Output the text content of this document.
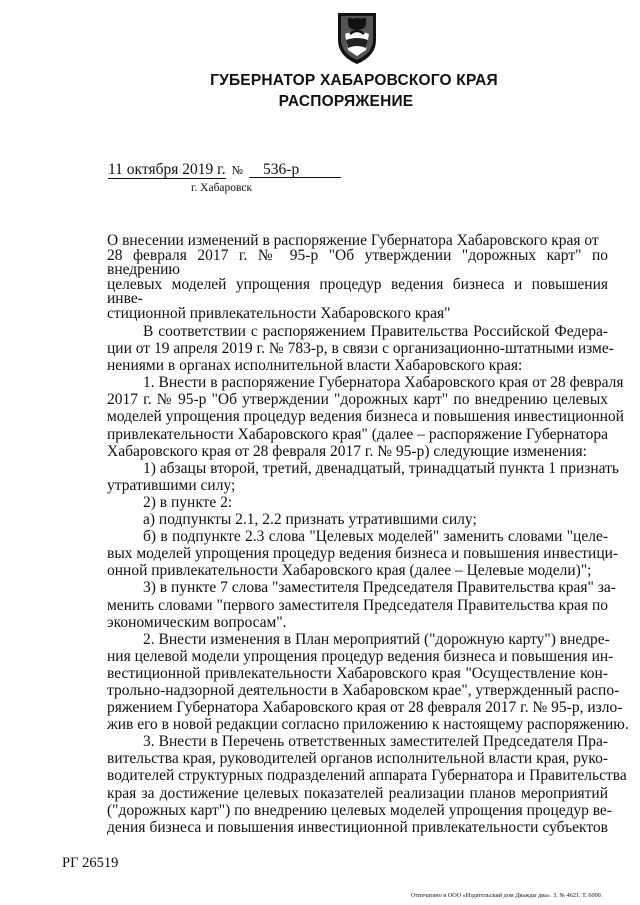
ГУБЕРНАТОР ХАБАРОВСКОГО КРАЯ
РАСПОРЯЖЕНИЕ
11 октября 2019 г. № 536-р
г. Хабаровск
О внесении изменений в распоряжение Губернатора Хабаровского края от
28 февраля 2017 г. № 95-р "Об утверждении "дорожных карт" по внедрению
целевых моделей упрощения процедур ведения бизнеса и повышения инве-
стиционной привлекательности Хабаровского края"
В соответствии с распоряжением Правительства Российской Федера-
ции от 19 апреля 2019 г. № 783-р, в связи с организационно-штатными изме-
нениями в органах исполнительной власти Хабаровского края:
1. Внести в распоряжение Губернатора Хабаровского края от 28 февраля
2017 г. № 95-р "Об утверждении "дорожных карт" по внедрению целевых
моделей упрощения процедур ведения бизнеса и повышения инвестиционной
привлекательности Хабаровского края" (далее – распоряжение Губернатора
Хабаровского края от 28 февраля 2017 г. № 95-р) следующие изменения:
1) абзацы второй, третий, двенадцатый, тринадцатый пункта 1 признать
утратившими силу;
2) в пункте 2:
а) подпункты 2.1, 2.2 признать утратившими силу;
б) в подпункте 2.3 слова "Целевых моделей" заменить словами "целе-
вых моделей упрощения процедур ведения бизнеса и повышения инвестици-
онной привлекательности Хабаровского края (далее – Целевые модели)";
3) в пункте 7 слова "заместителя Председателя Правительства края" за-
менить словами "первого заместителя Председателя Правительства края по
экономическим вопросам".
2. Внести изменения в План мероприятий ("дорожную карту") внедре-
ния целевой модели упрощения процедур ведения бизнеса и повышения ин-
вестиционной привлекательности Хабаровского края "Осуществление кон-
трольно-надзорной деятельности в Хабаровском крае", утвержденный распо-
ряжением Губернатора Хабаровского края от 28 февраля 2017 г. № 95-р, изло-
жив его в новой редакции согласно приложению к настоящему распоряжению.
3. Внести в Перечень ответственных заместителей Председателя Пра-
вительства края, руководителей органов исполнительной власти края, руко-
водителей структурных подразделений аппарата Губернатора и Правительства
края за достижение целевых показателей реализации планов мероприятий
("дорожных карт") по внедрению целевых моделей упрощения процедур ве-
дения бизнеса и повышения инвестиционной привлекательности субъектов
РГ 26519
Отпечатано в ООО «Издательский дом Дважды два». З. № 4621. Т. 6000.
